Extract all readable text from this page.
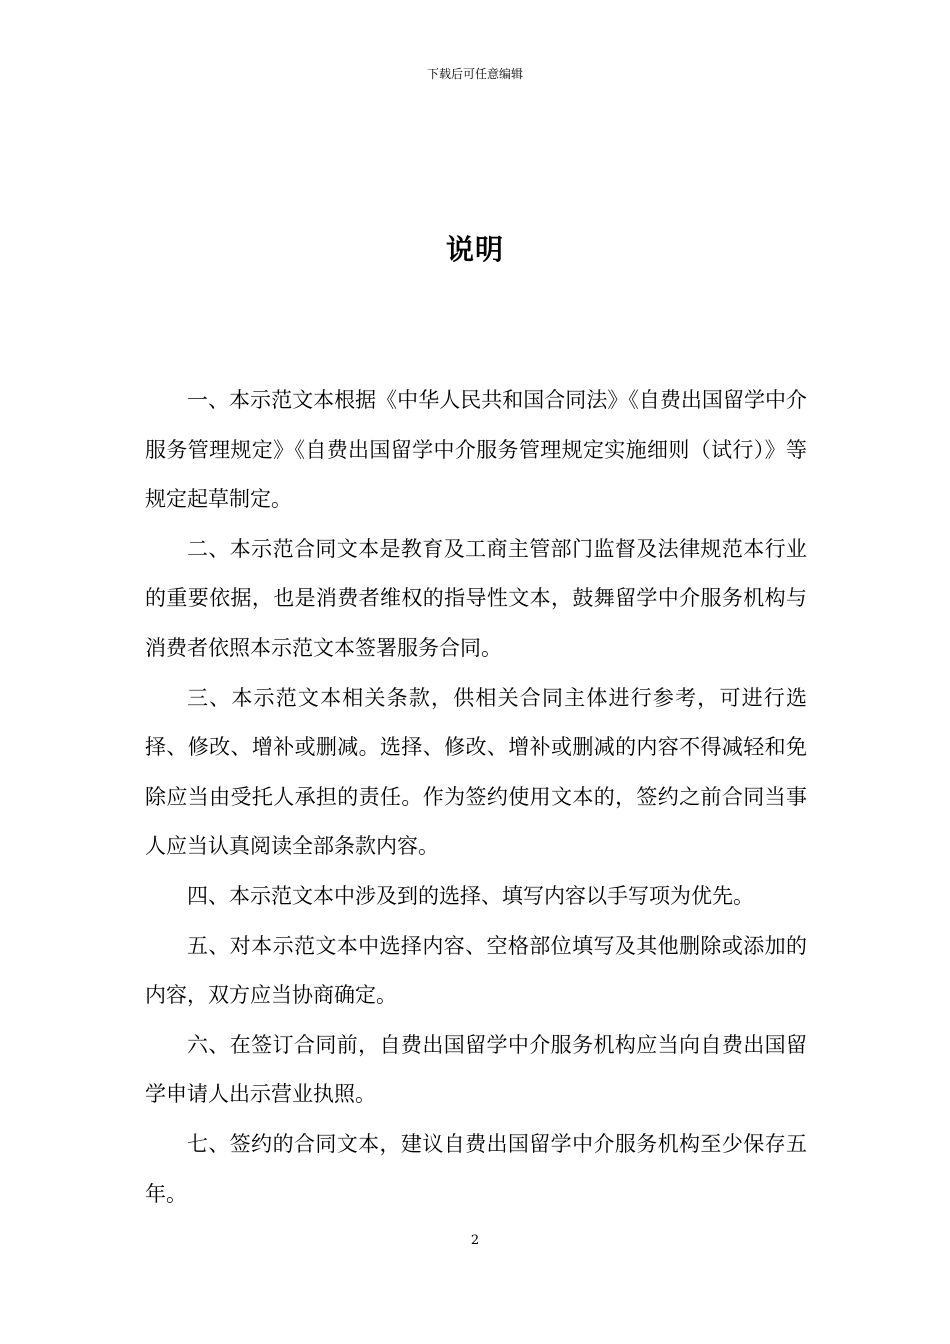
下载后可任意编辑
说明

一、本示范文本根据《中华人民共和国合同法》《自费出国留学中介服务管理规定》《自费出国留学中介服务管理规定实施细则（试行）》等规定起草制定。

二、本示范合同文本是教育及工商主管部门监督及法律规范本行业的重要依据，也是消费者维权的指导性文本，鼓舞留学中介服务机构与消费者依照本示范文本签署服务合同。

三、本示范文本相关条款，供相关合同主体进行参考，可进行选择、修改、增补或删减。选择、修改、增补或删减的内容不得减轻和免除应当由受托人承担的责任。作为签约使用文本的，签约之前合同当事人应当认真阅读全部条款内容。

四、本示范文本中涉及到的选择、填写内容以手写项为优先。

五、对本示范文本中选择内容、空格部位填写及其他删除或添加的内容，双方应当协商确定。

六、在签订合同前，自费出国留学中介服务机构应当向自费出国留学申请人出示营业执照。

七、签约的合同文本，建议自费出国留学中介服务机构至少保存五年。

2
